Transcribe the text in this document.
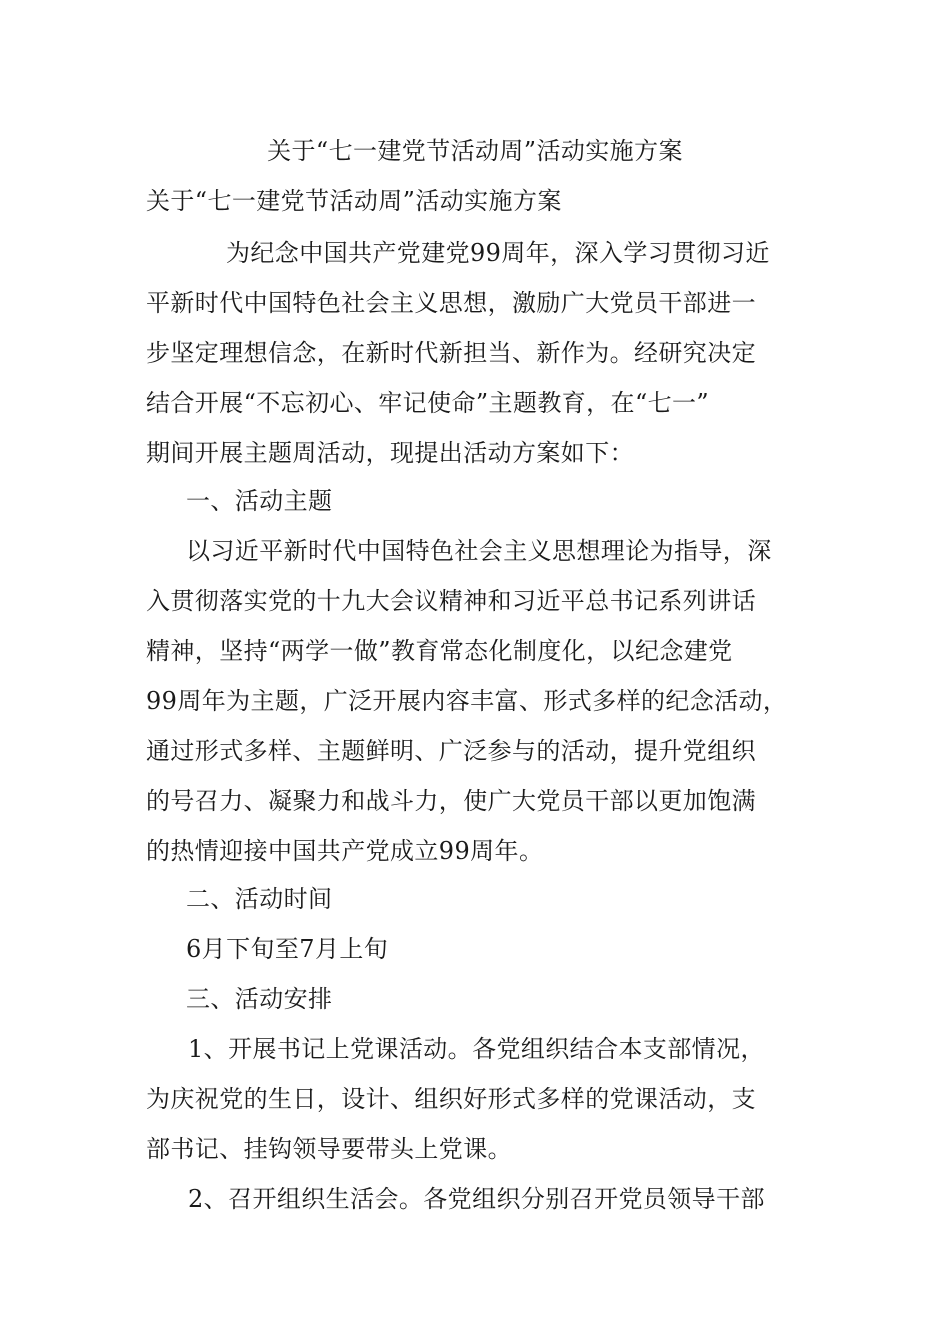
关于“七一建党节活动周”活动实施方案
关于“七一建党节活动周”活动实施方案
为纪念中国共产党建党99周年，深入学习贯彻习近
平新时代中国特色社会主义思想，激励广大党员干部进一
步坚定理想信念，在新时代新担当、新作为。经研究决定
结合开展“不忘初心、牢记使命”主题教育，在“七一”
期间开展主题周活动，现提出活动方案如下：
一、活动主题
以习近平新时代中国特色社会主义思想理论为指导，深
入贯彻落实党的十九大会议精神和习近平总书记系列讲话
精神，坚持“两学一做”教育常态化制度化，以纪念建党
99周年为主题，广泛开展内容丰富、形式多样的纪念活动，
通过形式多样、主题鲜明、广泛参与的活动，提升党组织
的号召力、凝聚力和战斗力，使广大党员干部以更加饱满
的热情迎接中国共产党成立99周年。
二、活动时间
6月下旬至7月上旬
三、活动安排
1、开展书记上党课活动。各党组织结合本支部情况，
为庆祝党的生日，设计、组织好形式多样的党课活动，支
部书记、挂钩领导要带头上党课。
2、召开组织生活会。各党组织分别召开党员领导干部
